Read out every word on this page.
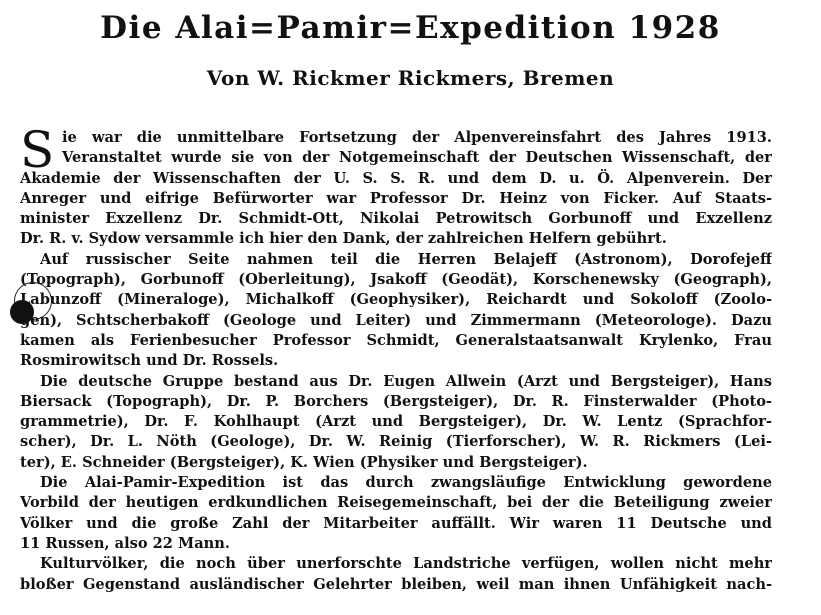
Die Alai=Pamir=Expedition 1928
Von W. Rickmer Rickmers, Bremen
S ie war die unmittelbare Fortsetzung der Alpenvereinsfahrt des Jahres 1913.
Veranstaltet wurde sie von der Notgemeinschaft der Deutschen Wissenschaft, der
Akademie der Wissenschaften der U. S. S. R. und dem D. u. Ö. Alpenverein. Der
Anreger und eifrige Befürworter war Professor Dr. Heinz von Ficker. Auf Staats-
minister Exzellenz Dr. Schmidt-Ott, Nikolai Petrowitsch Gorbunoff und Exzellenz
Dr. R. v. Sydow versammle ich hier den Dank, der zahlreichen Helfern gebührt.
Auf russischer Seite nahmen teil die Herren Belajeff (Astronom), Dorofejeff
(Topograph), Gorbunoff (Oberleitung), Jsakoff (Geodät), Korschenewsky (Geograph),
Labunzoff (Mineraloge), Michalkoff (Geophysiker), Reichardt und Sokoloff (Zoolo-
gen), Schtscherbakoff (Geologe und Leiter) und Zimmermann (Meteorologe). Dazu
kamen als Ferienbesucher Professor Schmidt, Generalstaatsanwalt Krylenko, Frau
Rosmirowitsch und Dr. Rossels.
Die deutsche Gruppe bestand aus Dr. Eugen Allwein (Arzt und Bergsteiger), Hans
Biersack (Topograph), Dr. P. Borchers (Bergsteiger), Dr. R. Finsterwalder (Photo-
grammetrie), Dr. F. Kohlhaupt (Arzt und Bergsteiger), Dr. W. Lentz (Sprachfor-
scher), Dr. L. Nöth (Geologe), Dr. W. Reinig (Tierforscher), W. R. Rickmers (Lei-
ter), E. Schneider (Bergsteiger), K. Wien (Physiker und Bergsteiger).
Die Alai-Pamir-Expedition ist das durch zwangsläufige Entwicklung gewordene
Vorbild der heutigen erdkundlichen Reisegemeinschaft, bei der die Beteiligung zweier
Völker und die große Zahl der Mitarbeiter auffällt. Wir waren 11 Deutsche und
11 Russen, also 22 Mann.
Kulturvölker, die noch über unerforschte Landstriche verfügen, wollen nicht mehr
bloßer Gegenstand ausländischer Gelehrter bleiben, weil man ihnen Unfähigkeit nach-
